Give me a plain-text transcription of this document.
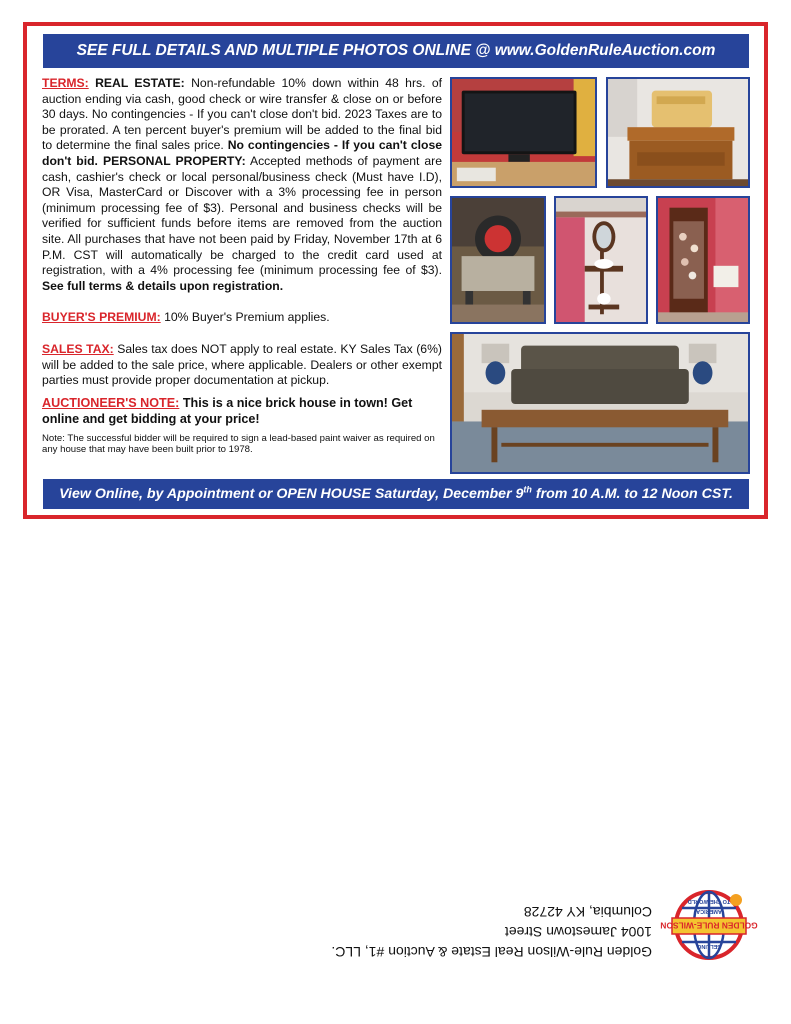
SEE FULL DETAILS AND MULTIPLE PHOTOS ONLINE @ www.GoldenRuleAuction.com

TERMS: REAL ESTATE: Non-refundable 10% down within 48 hrs. of auction ending via cash, good check or wire transfer & close on or before 30 days. No contingencies - If you can't close don't bid. 2023 Taxes are to be prorated. A ten percent buyer's premium will be added to the final bid to determine the final sales price. No contingencies - If you can't close don't bid. PERSONAL PROPERTY: Accepted methods of payment are cash, cashier's check or local personal/business check (Must have I.D), OR Visa, MasterCard or Discover with a 3% processing fee in person (minimum processing fee of $3). Personal and business checks will be verified for sufficient funds before items are removed from the auction site. All purchases that have not been paid by Friday, November 17th at 6 P.M. CST will automatically be charged to the credit card used at registration, with a 4% processing fee (minimum processing fee of $3). See full terms & details upon registration.

BUYER'S PREMIUM: 10% Buyer's Premium applies.

SALES TAX: Sales tax does NOT apply to real estate. KY Sales Tax (6%) will be added to the sale price, where applicable. Dealers or other exempt parties must provide proper documentation at pickup.

AUCTIONEER'S NOTE: This is a nice brick house in town! Get online and get bidding at your price!

Note: The successful bidder will be required to sign a lead-based paint waiver as required on any house that may have been built prior to 1978.

View Online, by Appointment or OPEN HOUSE Saturday, December 9th from 10 A.M. to 12 Noon CST.
GOLDEN RULE-WILSON
SELLING
AMERICA
TO THE WORLD
Golden Rule-Wilson Real Estate & Auction #1, LLC.
1004 Jamestown Street
Columbia, KY 42728
